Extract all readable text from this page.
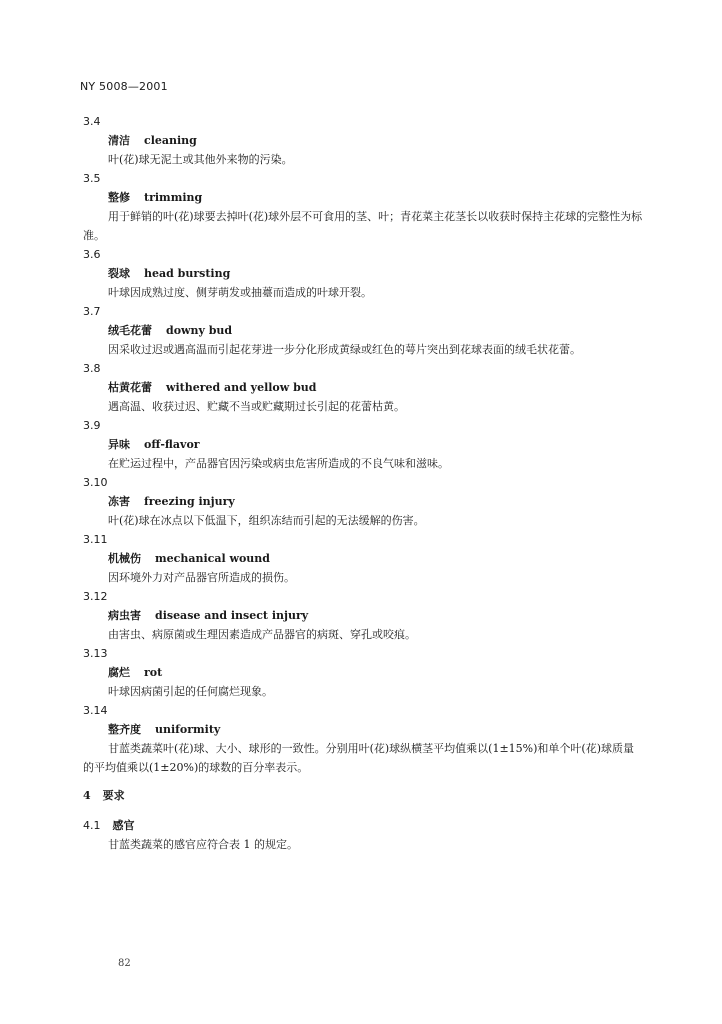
NY 5008—2001
3.4
清洁 cleaning
叶(花)球无泥土或其他外来物的污染。
3.5
整修 trimming
用于鲜销的叶(花)球要去掉叶(花)球外层不可食用的茎、叶；青花菜主花茎长以收获时保持主花球的完整性为标准。
3.6
裂球 head bursting
叶球因成熟过度、侧芽萌发或抽薹而造成的叶球开裂。
3.7
绒毛花蕾 downy bud
因采收过迟或遇高温而引起花芽进一步分化形成黄绿或红色的萼片突出到花球表面的绒毛状花蕾。
3.8
枯黄花蕾 withered and yellow bud
遇高温、收获过迟、贮藏不当或贮藏期过长引起的花蕾枯黄。
3.9
异味 off-flavor
在贮运过程中，产品器官因污染或病虫危害所造成的不良气味和滋味。
3.10
冻害 freezing injury
叶(花)球在冰点以下低温下，组织冻结而引起的无法缓解的伤害。
3.11
机械伤 mechanical wound
因环境外力对产品器官所造成的损伤。
3.12
病虫害 disease and insect injury
由害虫、病原菌或生理因素造成产品器官的病斑、穿孔或咬痕。
3.13
腐烂 rot
叶球因病菌引起的任何腐烂现象。
3.14
整齐度 uniformity
甘蓝类蔬菜叶(花)球、大小、球形的一致性。分别用叶(花)球纵横茎平均值乘以(1±15%)和单个叶(花)球质量的平均值乘以(1±20%)的球数的百分率表示。
4 要求
4.1 感官
甘蓝类蔬菜的感官应符合表 1 的规定。
82
